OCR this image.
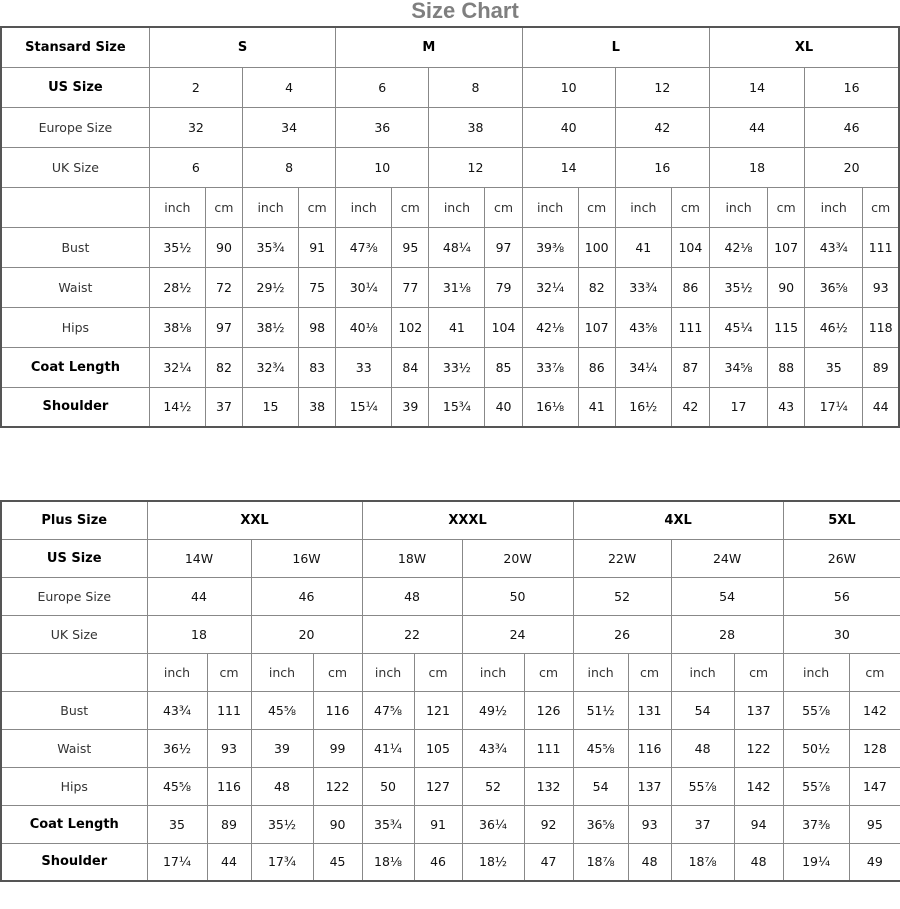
Size Chart
Stansard Size	S				M				L				XL			
US Size	2		4		6		8		10		12		14		16	
Europe Size	32		34		36		38		40		42		44		46	
UK Size	6		8		10		12		14		16		18		20	
	inch	cm	inch	cm	inch	cm	inch	cm	inch	cm	inch	cm	inch	cm	inch	cm
Bust	35½	90	35¾	91	47⅜	95	48¼	97	39⅜	100	41	104	42⅛	107	43¾	111
Waist	28½	72	29½	75	30¼	77	31⅛	79	32¼	82	33¾	86	35½	90	36⅝	93
Hips	38⅛	97	38½	98	40⅛	102	41	104	42⅛	107	43⅝	111	45¼	115	46½	118
Coat Length	32¼	82	32¾	83	33	84	33½	85	33⅞	86	34¼	87	34⅝	88	35	89
Shoulder	14½	37	15	38	15¼	39	15¾	40	16⅛	41	16½	42	17	43	17¼	44
Plus Size	XXL				XXXL				4XL				5XL	
US Size	14W		16W		18W		20W		22W		24W		26W	
Europe Size	44		46		48		50		52		54		56	
UK Size	18		20		22		24		26		28		30	
	inch	cm	inch	cm	inch	cm	inch	cm	inch	cm	inch	cm	inch	cm
Bust	43¾	111	45⅝	116	47⅝	121	49½	126	51½	131	54	137	55⅞	142
Waist	36½	93	39	99	41¼	105	43¾	111	45⅝	116	48	122	50½	128
Hips	45⅝	116	48	122	50	127	52	132	54	137	55⅞	142	55⅞	147
Coat Length	35	89	35½	90	35¾	91	36¼	92	36⅝	93	37	94	37⅜	95
Shoulder	17¼	44	17¾	45	18⅛	46	18½	47	18⅞	48	18⅞	48	19¼	49
